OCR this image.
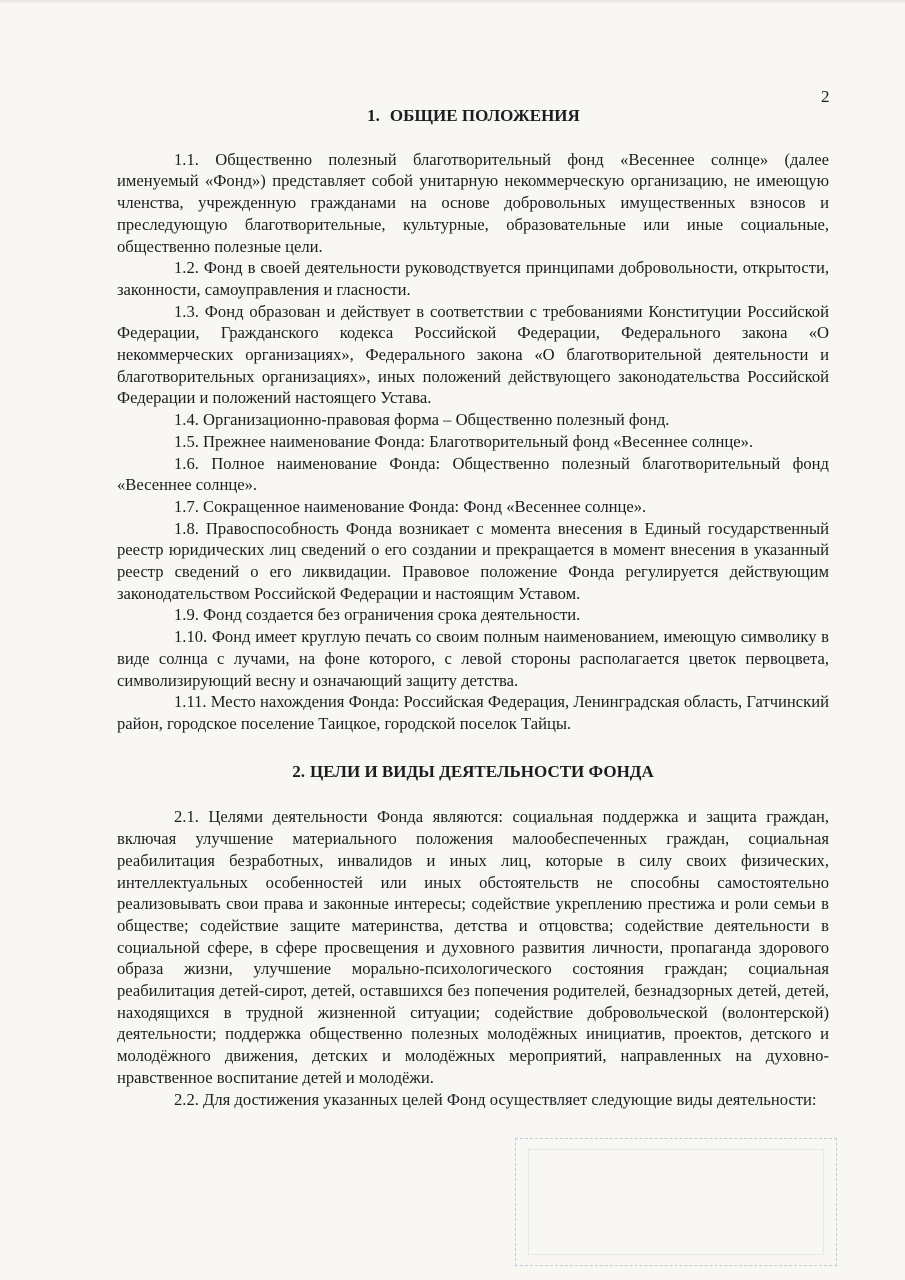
2
1. ОБЩИЕ ПОЛОЖЕНИЯ

1.1. Общественно полезный благотворительный фонд «Весеннее солнце» (далее именуемый «Фонд») представляет собой унитарную некоммерческую организацию, не имеющую членства, учрежденную гражданами на основе добровольных имущественных взносов и преследующую благотворительные, культурные, образовательные или иные социальные, общественно полезные цели.

1.2. Фонд в своей деятельности руководствуется принципами добровольности, открытости, законности, самоуправления и гласности.

1.3. Фонд образован и действует в соответствии с требованиями Конституции Российской Федерации, Гражданского кодекса Российской Федерации, Федерального закона «О некоммерческих организациях», Федерального закона «О благотворительной деятельности и благотворительных организациях», иных положений действующего законодательства Российской Федерации и положений настоящего Устава.

1.4. Организационно-правовая форма – Общественно полезный фонд.

1.5. Прежнее наименование Фонда: Благотворительный фонд «Весеннее солнце».

1.6. Полное наименование Фонда: Общественно полезный благотворительный фонд «Весеннее солнце».

1.7. Сокращенное наименование Фонда: Фонд «Весеннее солнце».

1.8. Правоспособность Фонда возникает с момента внесения в Единый государственный реестр юридических лиц сведений о его создании и прекращается в момент внесения в указанный реестр сведений о его ликвидации. Правовое положение Фонда регулируется действующим законодательством Российской Федерации и настоящим Уставом.

1.9. Фонд создается без ограничения срока деятельности.

1.10. Фонд имеет круглую печать со своим полным наименованием, имеющую символику в виде солнца с лучами, на фоне которого, с левой стороны располагается цветок первоцвета, символизирующий весну и означающий защиту детства.

1.11. Место нахождения Фонда: Российская Федерация, Ленинградская область, Гатчинский район, городское поселение Таицкое, городской поселок Тайцы.

2. ЦЕЛИ И ВИДЫ ДЕЯТЕЛЬНОСТИ ФОНДА

2.1. Целями деятельности Фонда являются: социальная поддержка и защита граждан, включая улучшение материального положения малообеспеченных граждан, социальная реабилитация безработных, инвалидов и иных лиц, которые в силу своих физических, интеллектуальных особенностей или иных обстоятельств не способны самостоятельно реализовывать свои права и законные интересы; содействие укреплению престижа и роли семьи в обществе; содействие защите материнства, детства и отцовства; содействие деятельности в социальной сфере, в сфере просвещения и духовного развития личности, пропаганда здорового образа жизни, улучшение морально-психологического состояния граждан; социальная реабилитация детей-сирот, детей, оставшихся без попечения родителей, безнадзорных детей, детей, находящихся в трудной жизненной ситуации; содействие добровольческой (волонтерской) деятельности; поддержка общественно полезных молодёжных инициатив, проектов, детского и молодёжного движения, детских и молодёжных мероприятий, направленных на духовно-нравственное воспитание детей и молодёжи.

2.2. Для достижения указанных целей Фонд осуществляет следующие виды деятельности:
